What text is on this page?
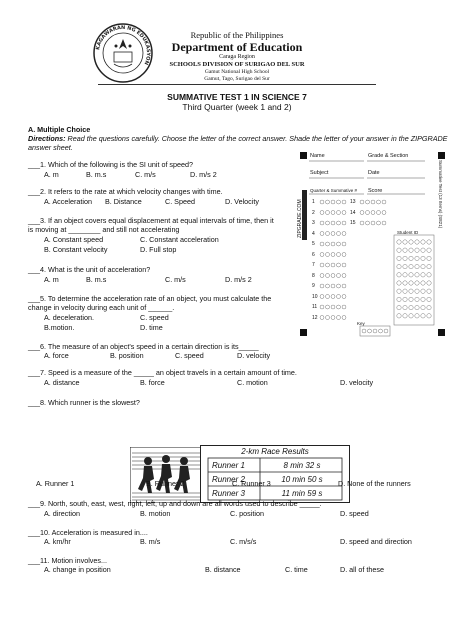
KAGAWARAN NG EDUKASYON
Republic of the Philippines
Department of Education
Caraga Region
SCHOOLS DIVISION OF SURIGAO DEL SUR
Gamut National High School
Gamut, Tago, Surigao del Sur
SUMMATIVE TEST 1 IN SCIENCE 7
Third Quarter (week 1 and 2)
A. Multiple Choice
Directions: Read the questions carefully. Choose the letter of the correct answer. Shade the letter of your answer in the ZIPGRADE
answer sheet.
___1. Which of the following is the SI unit of speed?
A. m	B. m.s	C. m/s	D. m/s 2
___2. It refers to the rate at which velocity changes with time.
A. Acceleration B. Distance	C. Speed	D. Velocity
___3. If an object covers equal displacement at equal intervals of time, then it
is moving at ________ and still not accelerating
A. Constant speed	C. Constant acceleration
B. Constant velocity	D. Full stop
___4. What is the unit of acceleration?
A. m	B. m.s	C. m/s	D. m/s 2
___5. To determine the acceleration rate of an object, you must calculate the
change in velocity during each unit of ______.
A. deceleration.	C. speed
B.motion.	D. time
___6. The measure of an object's speed in a certain direction is its_____
A. force	B. position	C. speed	D. velocity
___7. Speed is a measure of the _____ an object travels in a certain amount of time.
A. distance	B. force	C. motion	D. velocity
___8. Which runner is the slowest?
2-km Race Results
Runner 1	8 min 32 s
Runner 2	10 min 50 s
Runner 3	11 min 59 s
A. Runner 1	B. Runner 2	C. Runner 3	D. None of the runners
___9. North, south, east, west, right, left, up and down are all words used to describe _____.
A. direction	B. motion	C. position	D. speed
___10. Acceleration is measured in....
A. km/hr	B. m/s	C. m/s/s	D. speed and direction
___11. Motion involves...
A. change in position	B. distance	C. time	D. all of these
Name	Grade & Section
Subject	Date
Quarter & Summative # Score
Student ID
Key
ZIPGRADE.COM	Summative Test (13 Items) (S821)
1
2
3
4
5
6
7
8
9
10
11
12
13
14
15
